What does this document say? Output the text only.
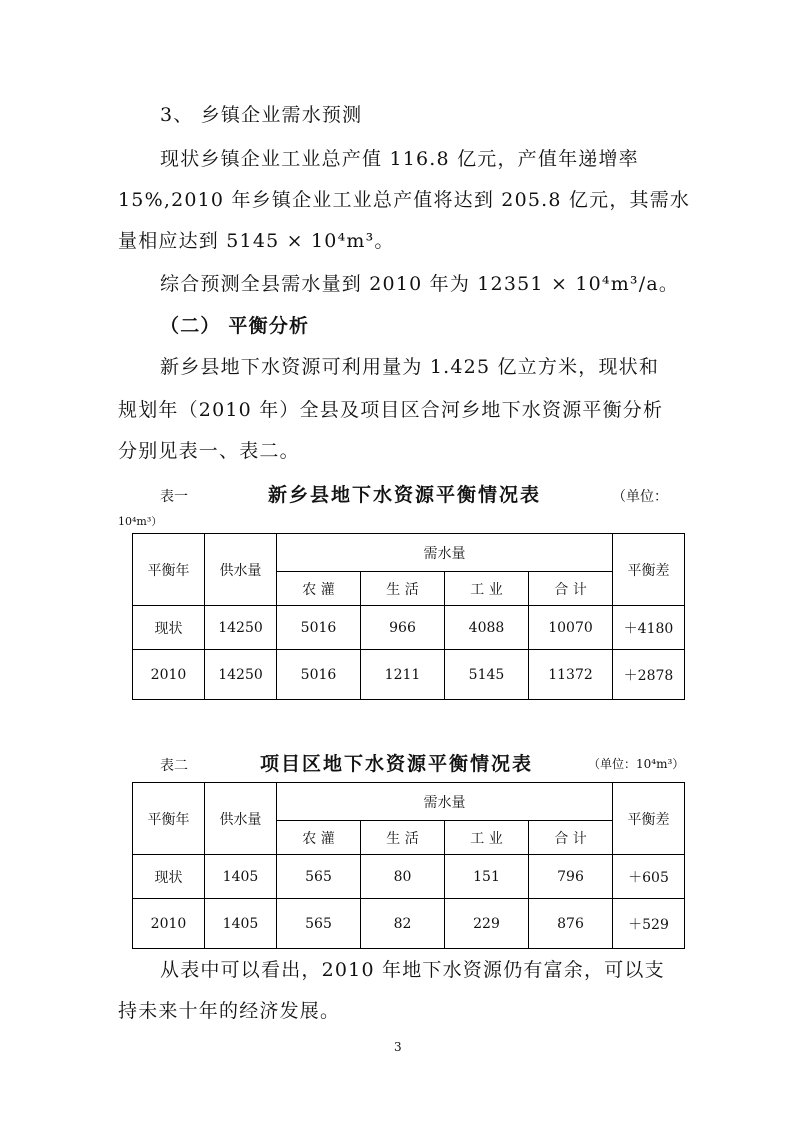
3、 乡镇企业需水预测
现状乡镇企业工业总产值 116.8 亿元，产值年递增率
15%,2010 年乡镇企业工业总产值将达到 205.8 亿元，其需水
量相应达到 5145 × 10⁴m³。
综合预测全县需水量到 2010 年为 12351 × 10⁴m³/a。
（二） 平衡分析
新乡县地下水资源可利用量为 1.425 亿立方米，现状和
规划年（2010 年）全县及项目区合河乡地下水资源平衡分析
分别见表一、表二。
表一	新乡县地下水资源平衡情况表	（单位：
10⁴m³）
平衡年	供水量	需水量				平衡差
		农 灌	生 活	工 业	合 计	
现状	14250	5016	966	4088	10070	＋4180
2010	14250	5016	1211	5145	11372	＋2878
表二	项目区地下水资源平衡情况表	（单位：10⁴m³）
平衡年	供水量	需水量				平衡差
		农 灌	生 活	工 业	合 计	
现状	1405	565	80	151	796	＋605
2010	1405	565	82	229	876	＋529
从表中可以看出，2010 年地下水资源仍有富余，可以支
持未来十年的经济发展。
3
